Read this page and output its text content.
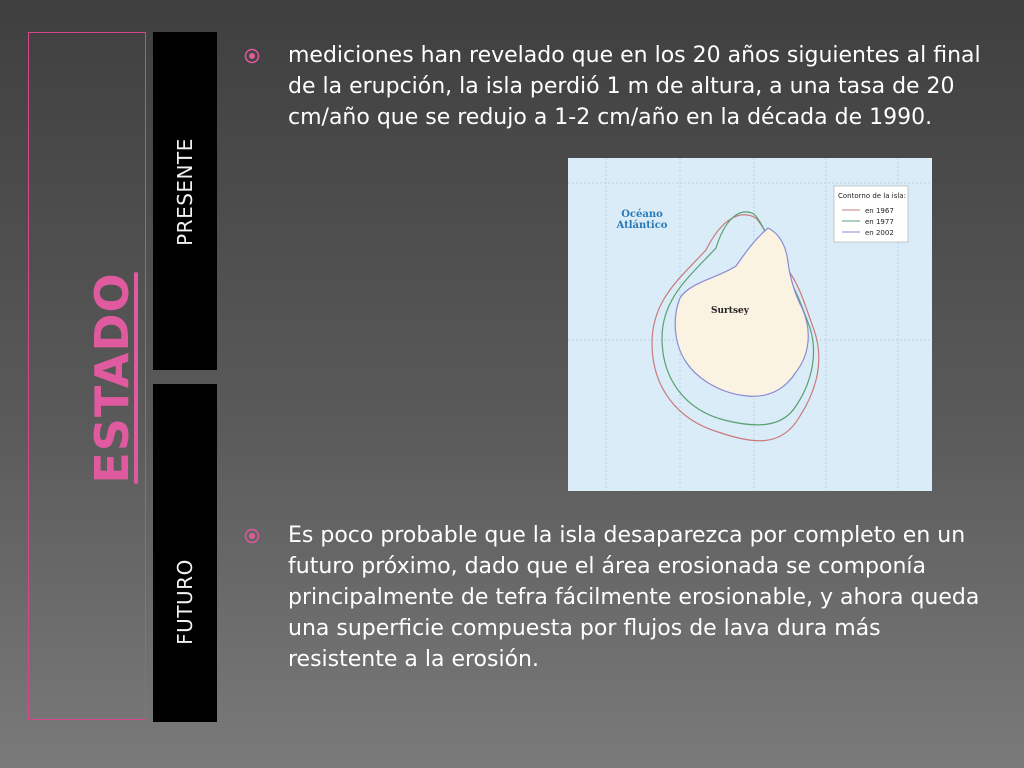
ESTADO
PRESENTE
FUTURO
mediciones han revelado que en los 20 años siguientes al final de la erupción, la isla perdió 1 m de altura, a una tasa de 20 cm/año que se redujo a 1-2 cm/año en la década de 1990.
Océano
Atlántico
Surtsey
Contorno de la isla:
en 1967
en 1977
en 2002
Es poco probable que la isla desaparezca por completo en un futuro próximo, dado que el área erosionada se componía principalmente de tefra fácilmente erosionable, y ahora queda una superficie compuesta por flujos de lava dura más resistente a la erosión.
